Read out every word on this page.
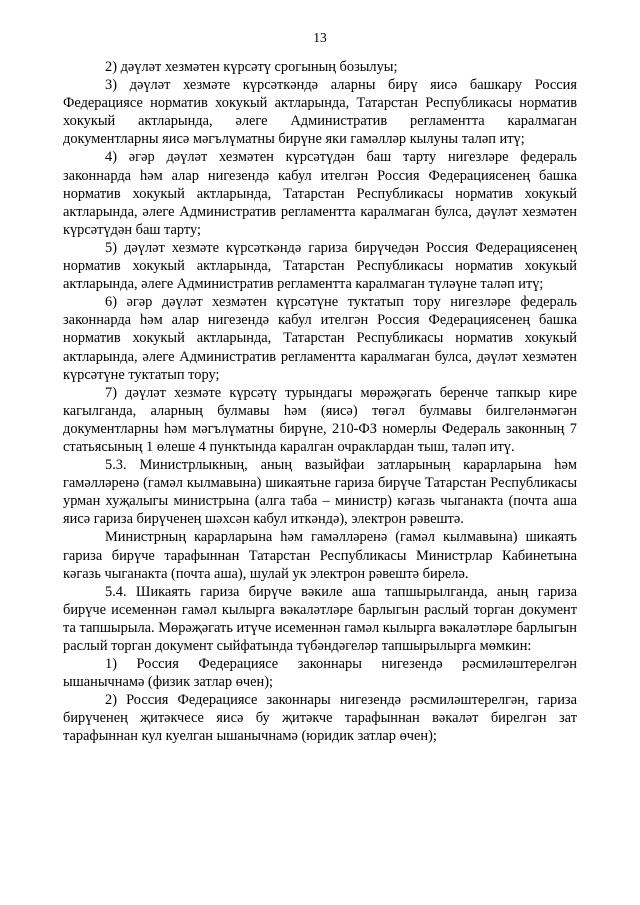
13

2) дәүләт хезмәтен күрсәтү срогының бозылуы;

3) дәүләт хезмәте күрсәткәндә аларны бирү яисә башкару Россия Федерациясе норматив хокукый актларында, Татарстан Республикасы норматив хокукый актларында, әлеге Административ регламентта каралмаган документларны яисә мәгълүматны бирүне яки гамәлләр кылуны таләп итү;

4) әгәр дәүләт хезмәтен күрсәтүдән баш тарту нигезләре федераль законнарда һәм алар нигезендә кабул ителгән Россия Федерациясенең башка норматив хокукый актларында, Татарстан Республикасы норматив хокукый актларында, әлеге Административ регламентта каралмаган булса, дәүләт хезмәтен күрсәтүдән баш тарту;

5) дәүләт хезмәте күрсәткәндә гариза бирүчедән Россия Федерациясенең норматив хокукый актларында, Татарстан Республикасы норматив хокукый актларында, әлеге Административ регламентта каралмаган түләүне таләп итү;

6) әгәр дәүләт хезмәтен күрсәтүне туктатып тору нигезләре федераль законнарда һәм алар нигезендә кабул ителгән Россия Федерациясенең башка норматив хокукый актларында, Татарстан Республикасы норматив хокукый актларында, әлеге Административ регламентта каралмаган булса, дәүләт хезмәтен күрсәтүне туктатып тору;

7) дәүләт хезмәте күрсәтү турындагы мөрәҗәгать беренче тапкыр кире кагылганда, аларның булмавы һәм (яисә) төгәл булмавы билгеләнмәгән документларны һәм мәгълүматны бирүне, 210-ФЗ номерлы Федераль законның 7 статьясының 1 өлеше 4 пунктында каралган очраклардан тыш, таләп итү.

5.3. Министрлыкның, аның вазыйфаи затларының карарларына һәм гамәлләренә (гамәл кылмавына) шикаятьне гариза бирүче Татарстан Республикасы урман хуҗалыгы министрына (алга таба – министр) кәгазь чыганакта (почта аша яисә гариза бирүченең шәхсән кабул иткәндә), электрон рәвештә.

Министрның карарларына һәм гамәлләренә (гамәл кылмавына) шикаять гариза бирүче тарафыннан Татарстан Республикасы Министрлар Кабинетына кәгазь чыганакта (почта аша), шулай ук электрон рәвештә бирелә.

5.4. Шикаять гариза бирүче вәкиле аша тапшырылганда, аның гариза бирүче исеменнән гамәл кылырга вәкаләтләре барлыгын раслый торган документ та тапшырыла. Мөрәҗәгать итүче исеменнән гамәл кылырга вәкаләтләре барлыгын раслый торган документ сыйфатында түбәндәгеләр тапшырылырга мөмкин:

1) Россия Федерациясе законнары нигезендә рәсмиләштерелгән ышанычнамә (физик затлар өчен);

2) Россия Федерациясе законнары нигезендә рәсмиләштерелгән, гариза бирүченең җитәкчесе яисә бу җитәкче тарафыннан вәкаләт бирелгән зат тарафыннан кул куелган ышанычнамә (юридик затлар өчен);
